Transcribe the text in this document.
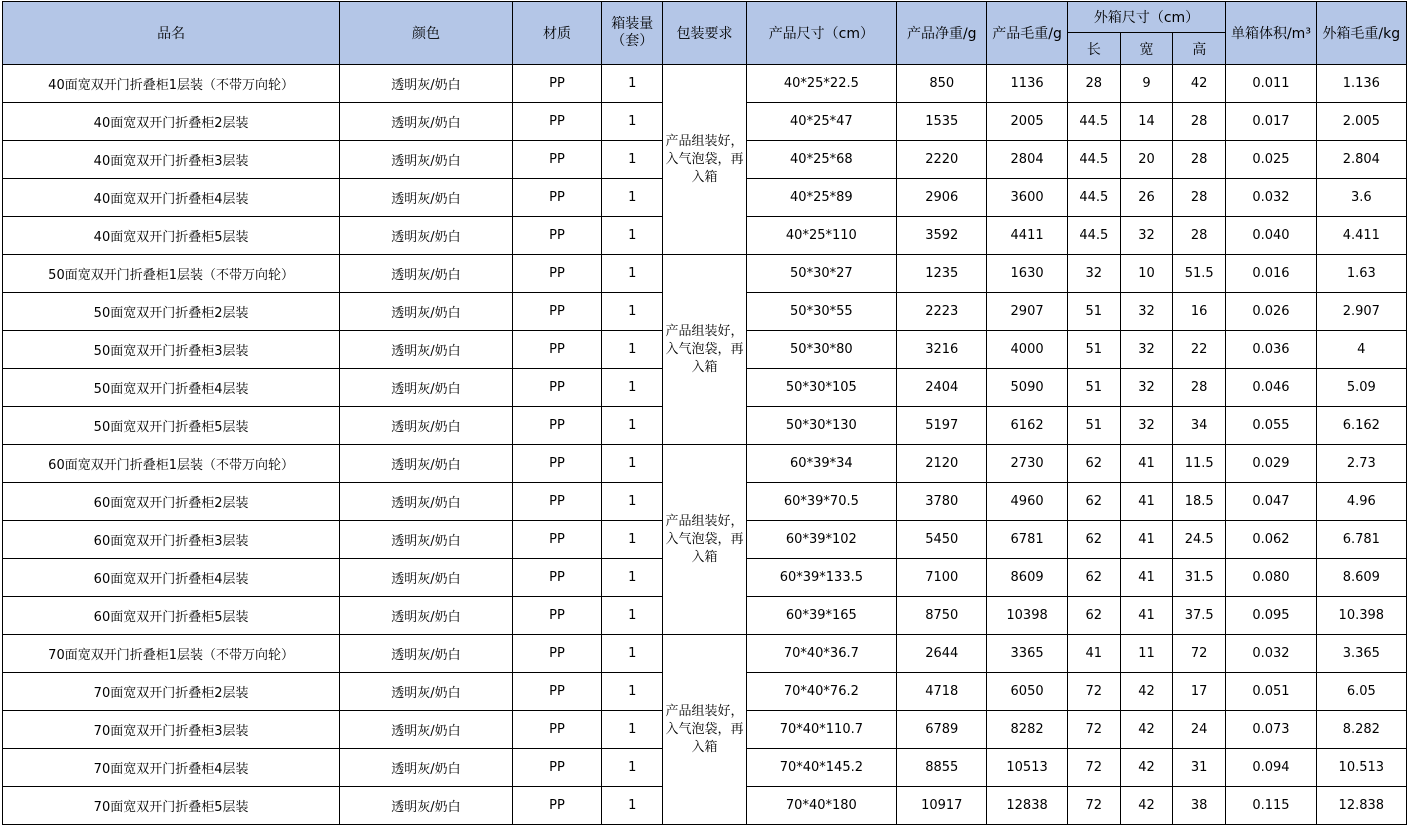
品名	颜色	材质	箱装量（套）	包装要求	产品尺寸（cm）	产品净重/g	产品毛重/g	外箱尺寸（cm）			单箱体积/m³	外箱毛重/kg
								长	宽	高		
40面宽双开门折叠柜1层装（不带万向轮）	透明灰/奶白	PP	1	产品组装好，入气泡袋，再入箱	40*25*22.5	850	1136	28	9	42	0.011	1.136
40面宽双开门折叠柜2层装	透明灰/奶白	PP	1		40*25*47	1535	2005	44.5	14	28	0.017	2.005
40面宽双开门折叠柜3层装	透明灰/奶白	PP	1		40*25*68	2220	2804	44.5	20	28	0.025	2.804
40面宽双开门折叠柜4层装	透明灰/奶白	PP	1		40*25*89	2906	3600	44.5	26	28	0.032	3.6
40面宽双开门折叠柜5层装	透明灰/奶白	PP	1		40*25*110	3592	4411	44.5	32	28	0.040	4.411
50面宽双开门折叠柜1层装（不带万向轮）	透明灰/奶白	PP	1	产品组装好，入气泡袋，再入箱	50*30*27	1235	1630	32	10	51.5	0.016	1.63
50面宽双开门折叠柜2层装	透明灰/奶白	PP	1		50*30*55	2223	2907	51	32	16	0.026	2.907
50面宽双开门折叠柜3层装	透明灰/奶白	PP	1		50*30*80	3216	4000	51	32	22	0.036	4
50面宽双开门折叠柜4层装	透明灰/奶白	PP	1		50*30*105	2404	5090	51	32	28	0.046	5.09
50面宽双开门折叠柜5层装	透明灰/奶白	PP	1		50*30*130	5197	6162	51	32	34	0.055	6.162
60面宽双开门折叠柜1层装（不带万向轮）	透明灰/奶白	PP	1	产品组装好，入气泡袋，再入箱	60*39*34	2120	2730	62	41	11.5	0.029	2.73
60面宽双开门折叠柜2层装	透明灰/奶白	PP	1		60*39*70.5	3780	4960	62	41	18.5	0.047	4.96
60面宽双开门折叠柜3层装	透明灰/奶白	PP	1		60*39*102	5450	6781	62	41	24.5	0.062	6.781
60面宽双开门折叠柜4层装	透明灰/奶白	PP	1		60*39*133.5	7100	8609	62	41	31.5	0.080	8.609
60面宽双开门折叠柜5层装	透明灰/奶白	PP	1		60*39*165	8750	10398	62	41	37.5	0.095	10.398
70面宽双开门折叠柜1层装（不带万向轮）	透明灰/奶白	PP	1	产品组装好，入气泡袋，再入箱	70*40*36.7	2644	3365	41	11	72	0.032	3.365
70面宽双开门折叠柜2层装	透明灰/奶白	PP	1		70*40*76.2	4718	6050	72	42	17	0.051	6.05
70面宽双开门折叠柜3层装	透明灰/奶白	PP	1		70*40*110.7	6789	8282	72	42	24	0.073	8.282
70面宽双开门折叠柜4层装	透明灰/奶白	PP	1		70*40*145.2	8855	10513	72	42	31	0.094	10.513
70面宽双开门折叠柜5层装	透明灰/奶白	PP	1		70*40*180	10917	12838	72	42	38	0.115	12.838
